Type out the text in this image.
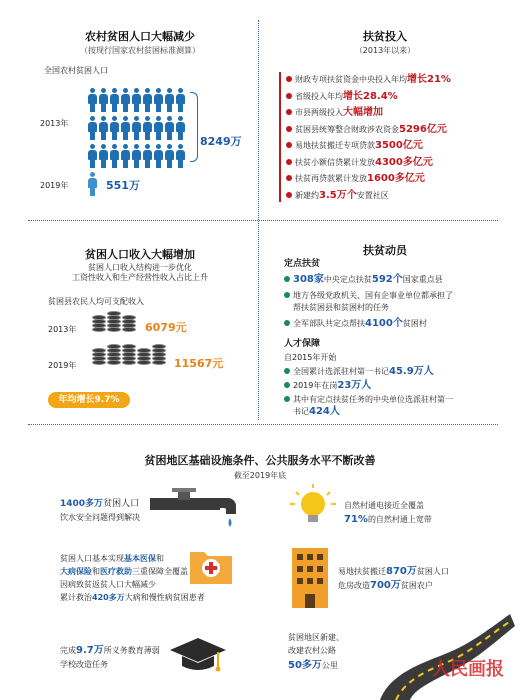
农村贫困人口大幅减少
（按现行国家农村贫困标准测算）
全国农村贫困人口
2013年
8249万
2019年	551万
扶贫投入
（2013年以来）
财政专项扶贫资金中央投入年均增长21%
省级投入年均增长28.4%
市县两级投入大幅增加
贫困县统筹整合财政涉农资金5296亿元
易地扶贫搬迁专项贷款3500亿元
扶贫小额信贷累计发放4300多亿元
扶贫再贷款累计发放1600多亿元
新建约3.5万个安置社区
贫困人口收入大幅增加
贫困人口收入结构进一步优化
工资性收入和生产经营性收入占比上升
贫困县农民人均可支配收入
2013年	6079元
2019年	11567元
年均增长9.7%
扶贫动员
定点扶贫
308家中央定点扶贫592个国家重点县
地方各级党政机关、国有企事业单位都承担了
帮扶贫困县和贫困村的任务
全军部队共定点帮扶4100个贫困村
人才保障
自2015年开始
全国累计选派驻村第一书记45.9万人
2019年在岗23万人
其中有定点扶贫任务的中央单位选派驻村第一
书记424人
贫困地区基础设施条件、公共服务水平不断改善
截至2019年底
1400多万贫困人口
饮水安全问题得到解决
自然村通电接近全覆盖
71%的自然村通上宽带
贫困人口基本实现基本医保和
大病保险和医疗救助三重保障全覆盖
因病致贫返贫人口大幅减少
累计救治420多万大病和慢性病贫困患者
易地扶贫搬迁870万贫困人口
危房改造700万贫困农户
完成9.7万所义务教育薄弱
学校改造任务
贫困地区新建、
改建农村公路
50多万公里	人民画报
ChinaPictorial
